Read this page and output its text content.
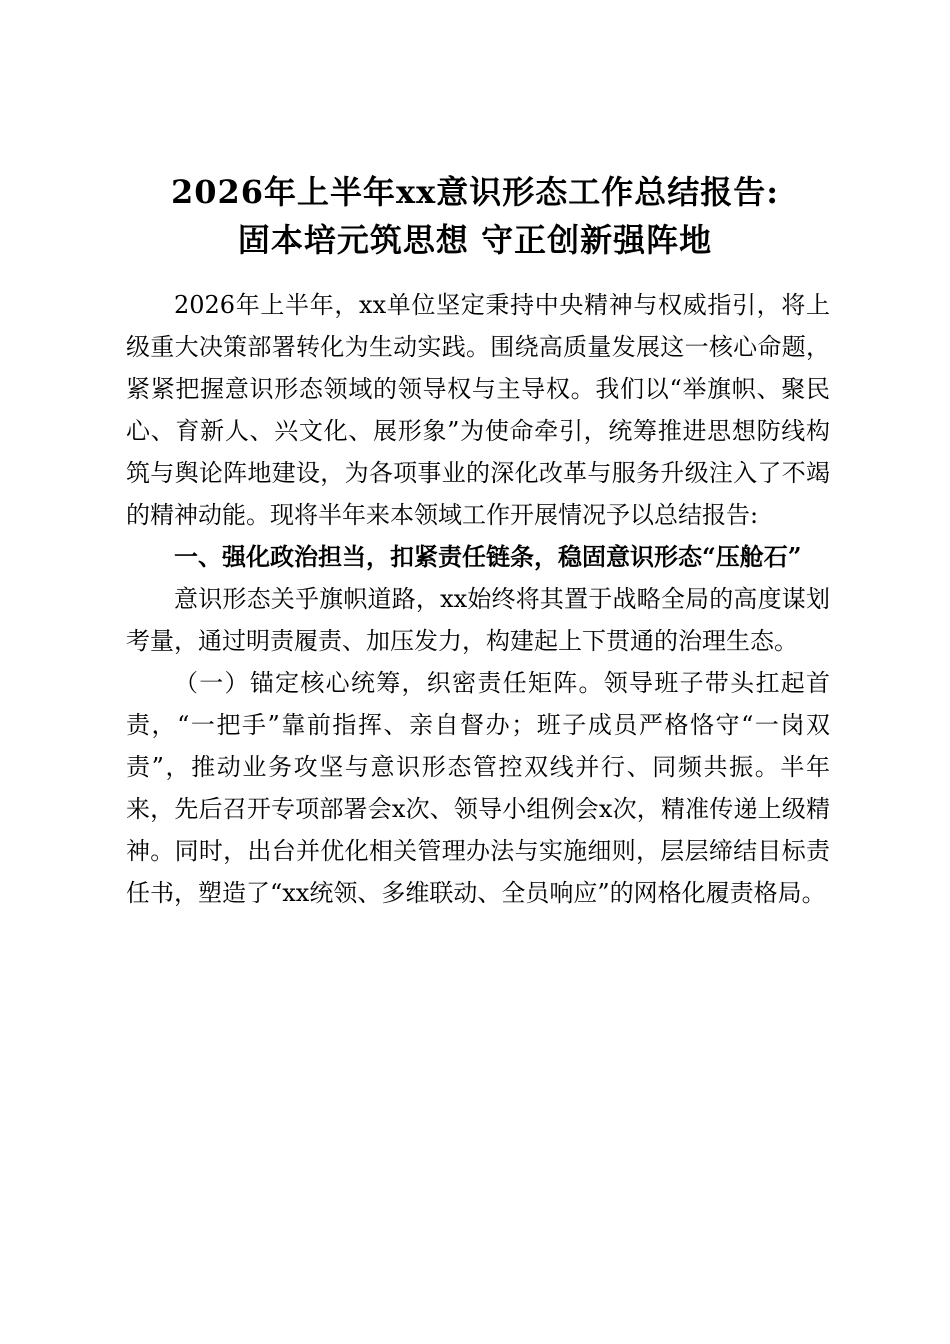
2026年上半年xx意识形态工作总结报告:
固本培元筑思想 守正创新强阵地

2026年上半年，xx单位坚定秉持中央精神与权威指引，将上级重大决策部署转化为生动实践。围绕高质量发展这一核心命题，紧紧把握意识形态领域的领导权与主导权。我们以“举旗帜、聚民心、育新人、兴文化、展形象”为使命牵引，统筹推进思想防线构筑与舆论阵地建设，为各项事业的深化改革与服务升级注入了不竭的精神动能。现将半年来本领域工作开展情况予以总结报告:

一、强化政治担当，扣紧责任链条，稳固意识形态“压舱石”

意识形态关乎旗帜道路，xx始终将其置于战略全局的高度谋划考量，通过明责履责、加压发力，构建起上下贯通的治理生态。

（一）锚定核心统筹，织密责任矩阵。领导班子带头扛起首责，“一把手”靠前指挥、亲自督办；班子成员严格恪守“一岗双责”，推动业务攻坚与意识形态管控双线并行、同频共振。半年来，先后召开专项部署会x次、领导小组例会x次，精准传递上级精神。同时，出台并优化相关管理办法与实施细则，层层缔结目标责任书，塑造了“xx统领、多维联动、全员响应”的网格化履责格局。
